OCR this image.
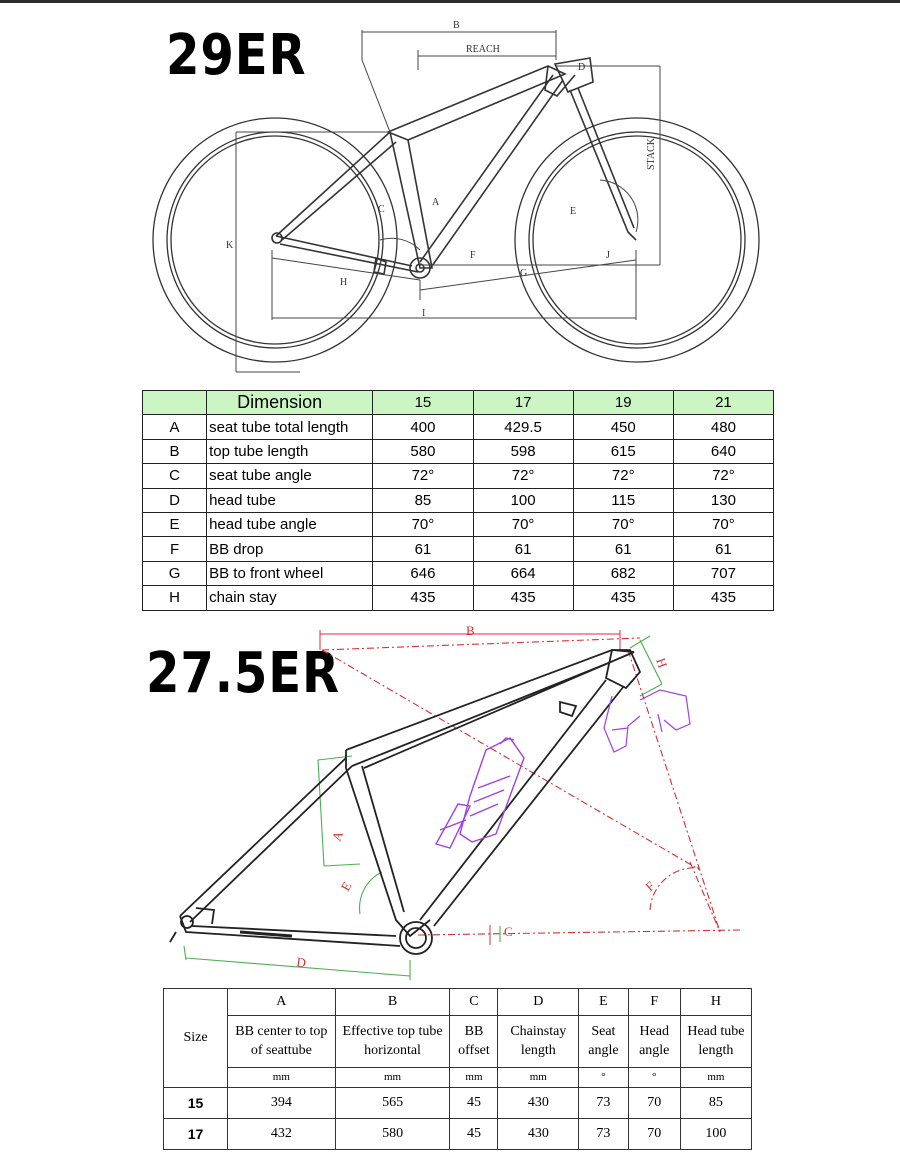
29ER	B
REACH
STACK
A
C
D
E
F
G
H
I
J
K
	Dimension	15	17	19	21
A	seat tube total length	400	429.5	450	480
B	top tube length	580	598	615	640
C	seat tube angle	72°	72°	72°	72°
D	head tube	85	100	115	130
E	head tube angle	70°	70°	70°	70°
F	BB drop	61	61	61	61
G	BB to front wheel	646	664	682	707
H	chain stay	435	435	435	435
27.5ER
B
H
A
E	F
C
D
Size	A	B	C	D	E	F	H
	BB center to top of seattube	Effective top tube horizontal	BB offset	Chainstay length	Seat angle	Head angle	Head tube length
	mm	mm	mm	mm	°	°	mm
15	394	565	45	430	73	70	85
17	432	580	45	430	73	70	100
